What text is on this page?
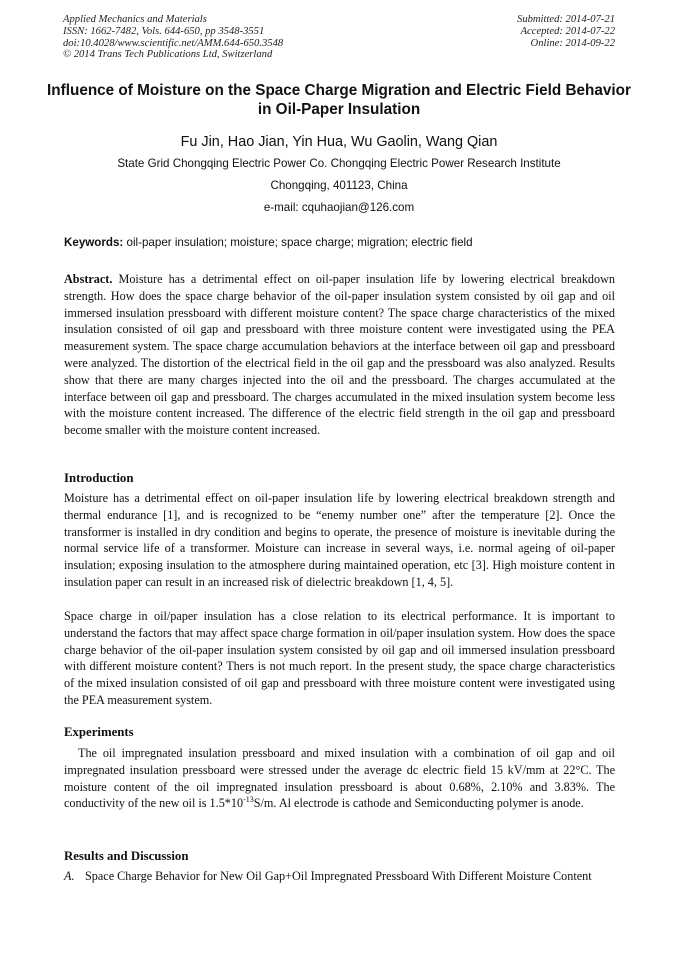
Applied Mechanics and Materials
ISSN: 1662-7482, Vols. 644-650, pp 3548-3551
doi:10.4028/www.scientific.net/AMM.644-650.3548
© 2014 Trans Tech Publications Ltd, Switzerland
Submitted: 2014-07-21
Accepted: 2014-07-22
Online: 2014-09-22
Influence of Moisture on the Space Charge Migration and Electric Field Behavior in Oil-Paper Insulation
Fu Jin, Hao Jian, Yin Hua, Wu Gaolin, Wang Qian
State Grid Chongqing Electric Power Co. Chongqing Electric Power Research Institute
Chongqing, 401123, China
e-mail: cquhaojian@126.com
Keywords: oil-paper insulation; moisture; space charge; migration; electric field

Abstract. Moisture has a detrimental effect on oil-paper insulation life by lowering electrical breakdown strength. How does the space charge behavior of the oil-paper insulation system consisted by oil gap and oil immersed insulation pressboard with different moisture content? The space charge characteristics of the mixed insulation consisted of oil gap and pressboard with three moisture content were investigated using the PEA measurement system. The space charge accumulation behaviors at the interface between oil gap and pressboard were analyzed. The distortion of the electrical field in the oil gap and the pressboard was also analyzed. Results show that there are many charges injected into the oil and the pressboard. The charges accumulated at the interface between oil gap and pressboard. The charges accumulated in the mixed insulation system become less with the moisture content increased. The difference of the electric field strength in the oil gap and pressboard become smaller with the moisture content increased.

Introduction

Moisture has a detrimental effect on oil-paper insulation life by lowering electrical breakdown strength and thermal endurance [1], and is recognized to be “enemy number one” after the temperature [2]. Once the transformer is installed in dry condition and begins to operate, the presence of moisture is inevitable during the normal service life of a transformer. Moisture can increase in several ways, i.e. normal ageing of oil-paper insulation; exposing insulation to the atmosphere during maintained operation, etc [3]. High moisture content in insulation paper can result in an increased risk of dielectric breakdown [1, 4, 5].

Space charge in oil/paper insulation has a close relation to its electrical performance. It is important to understand the factors that may affect space charge formation in oil/paper insulation system. How does the space charge behavior of the oil-paper insulation system consisted by oil gap and oil immersed insulation pressboard with different moisture content? Thers is not much report. In the present study, the space charge characteristics of the mixed insulation consisted of oil gap and pressboard with three moisture content were investigated using the PEA measurement system.

Experiments

The oil impregnated insulation pressboard and mixed insulation with a combination of oil gap and oil impregnated insulation pressboard were stressed under the average dc electric field 15 kV/mm at 22°C. The moisture content of the oil impregnated insulation pressboard is about 0.68%, 2.10% and 3.83%. The conductivity of the new oil is $1.5*10^{-13}S/m$. Al electrode is cathode and Semiconducting polymer is anode.

Results and Discussion
A. Space Charge Behavior for New Oil Gap+Oil Impregnated Pressboard With Different Moisture Content
